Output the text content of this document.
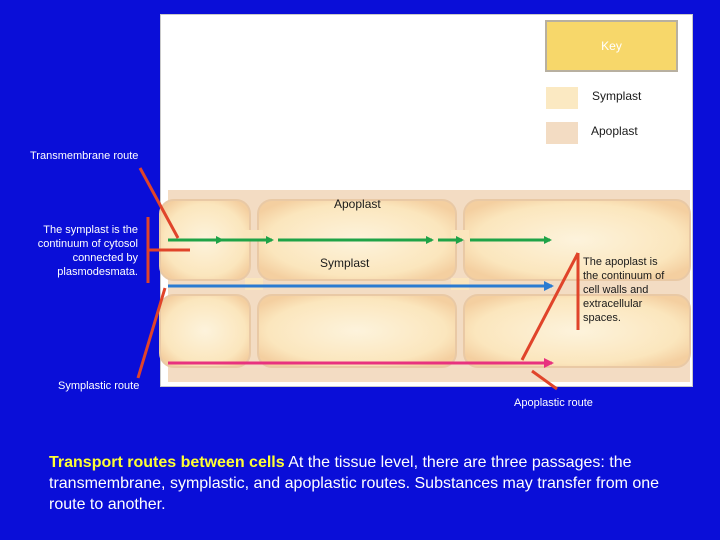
Key
Symplast
Apoplast
Transmembrane route
The symplast is the continuum of cytosol connected by plasmodesmata.
Symplastic route
Apoplast
Symplast	The apoplast is the continuum of cell walls and extracellular spaces.
Apoplastic route
Transport routes between cells At the tissue level, there are three passages: the transmembrane, symplastic, and apoplastic routes. Substances may transfer from one route to another.
